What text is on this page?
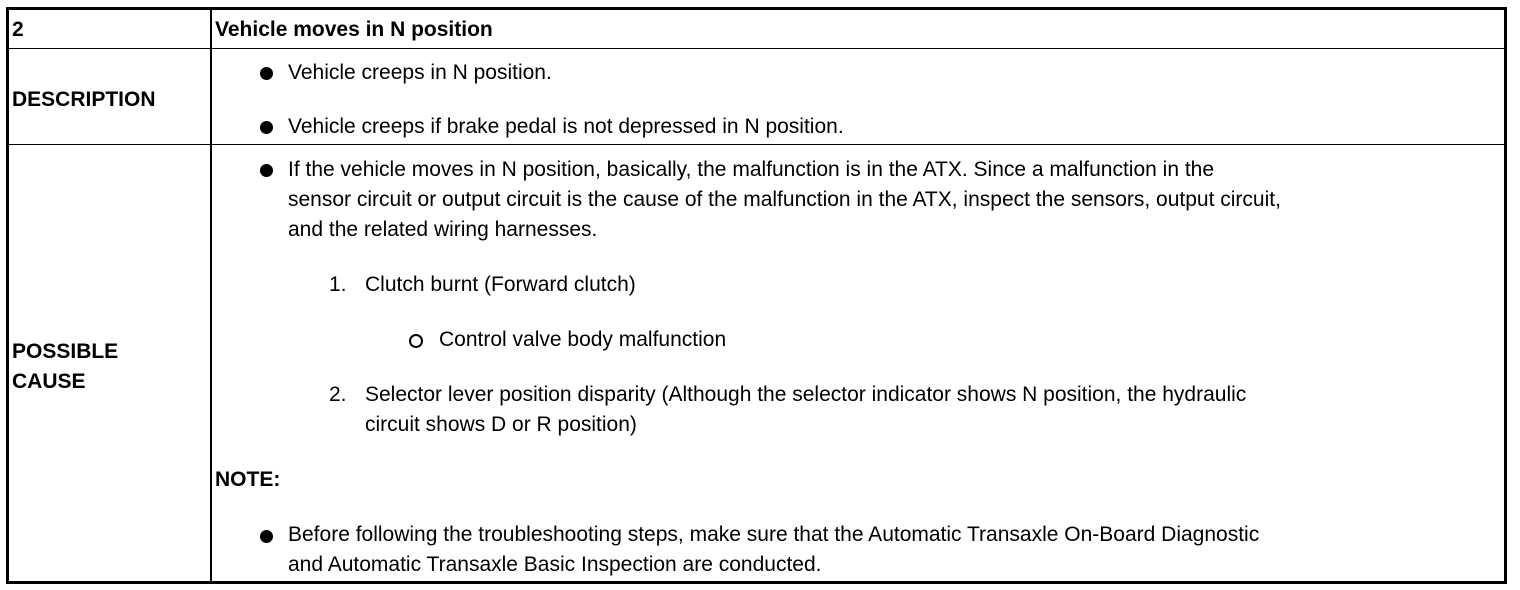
2	Vehicle moves in N position
DESCRIPTION
Vehicle creeps in N position.
Vehicle creeps if brake pedal is not depressed in N position.
POSSIBLE
CAUSE
If the vehicle moves in N position, basically, the malfunction is in the ATX. Since a malfunction in the
sensor circuit or output circuit is the cause of the malfunction in the ATX, inspect the sensors, output circuit,
and the related wiring harnesses.
1. Clutch burnt (Forward clutch)
Control valve body malfunction
2. Selector lever position disparity (Although the selector indicator shows N position, the hydraulic
circuit shows D or R position)
NOTE:
Before following the troubleshooting steps, make sure that the Automatic Transaxle On-Board Diagnostic
and Automatic Transaxle Basic Inspection are conducted.
